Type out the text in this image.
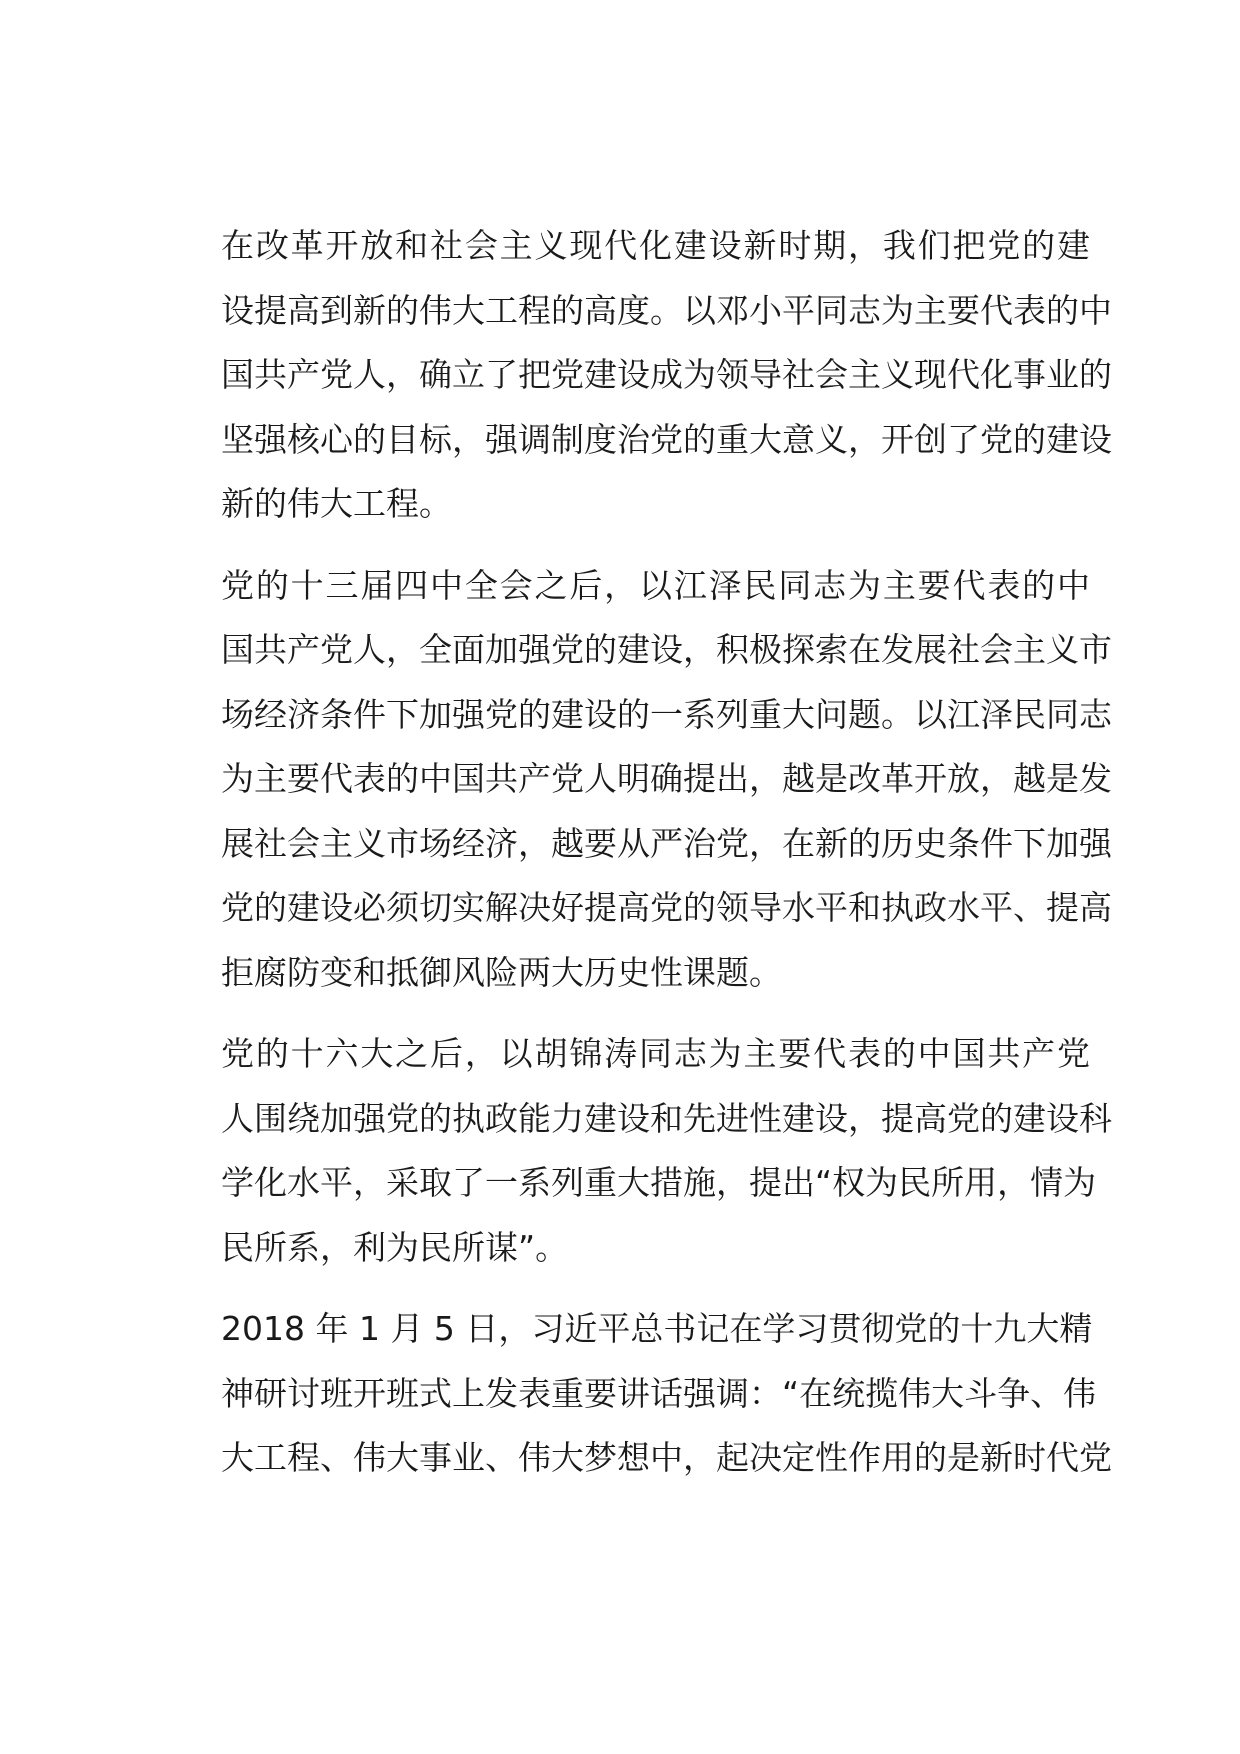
在改革开放和社会主义现代化建设新时期，我们把党的建
设提高到新的伟大工程的高度。以邓小平同志为主要代表的中
国共产党人，确立了把党建设成为领导社会主义现代化事业的
坚强核心的目标，强调制度治党的重大意义，开创了党的建设
新的伟大工程。

党的十三届四中全会之后，以江泽民同志为主要代表的中
国共产党人，全面加强党的建设，积极探索在发展社会主义市
场经济条件下加强党的建设的一系列重大问题。以江泽民同志
为主要代表的中国共产党人明确提出，越是改革开放，越是发
展社会主义市场经济，越要从严治党，在新的历史条件下加强
党的建设必须切实解决好提高党的领导水平和执政水平、提高
拒腐防变和抵御风险两大历史性课题。

党的十六大之后，以胡锦涛同志为主要代表的中国共产党
人围绕加强党的执政能力建设和先进性建设，提高党的建设科
学化水平，采取了一系列重大措施，提出“权为民所用，情为
民所系，利为民所谋”。

2018 年 1 月 5 日，习近平总书记在学习贯彻党的十九大精
神研讨班开班式上发表重要讲话强调：“在统揽伟大斗争、伟
大工程、伟大事业、伟大梦想中，起决定性作用的是新时代党
